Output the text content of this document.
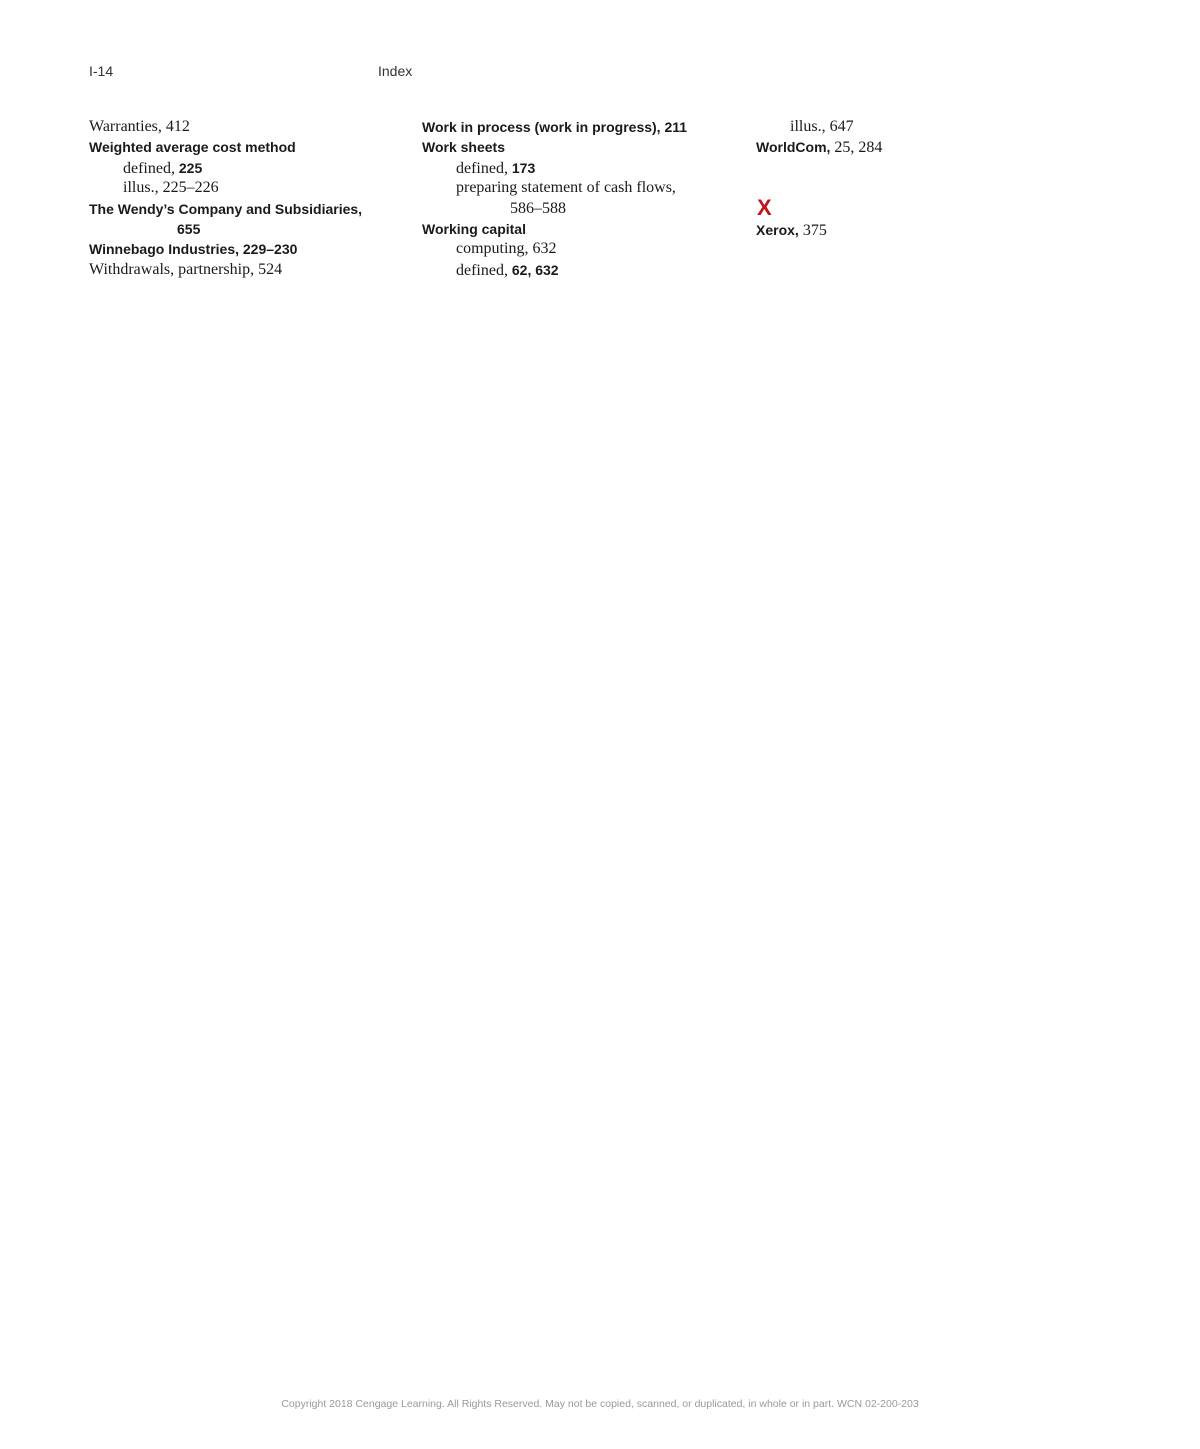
I-14	Index
Warranties, 412
Weighted average cost method
defined, 225
illus., 225–226
The Wendy’s Company and Subsidiaries,
655
Winnebago Industries, 229–230
Withdrawals, partnership, 524
Work in process (work in progress), 211
Work sheets
defined, 173
preparing statement of cash flows,
586–588
Working capital
computing, 632
defined, 62, 632
illus., 647
WorldCom, 25, 284
X
Xerox, 375
Copyright 2018 Cengage Learning. All Rights Reserved. May not be copied, scanned, or duplicated, in whole or in part. WCN 02-200-203
